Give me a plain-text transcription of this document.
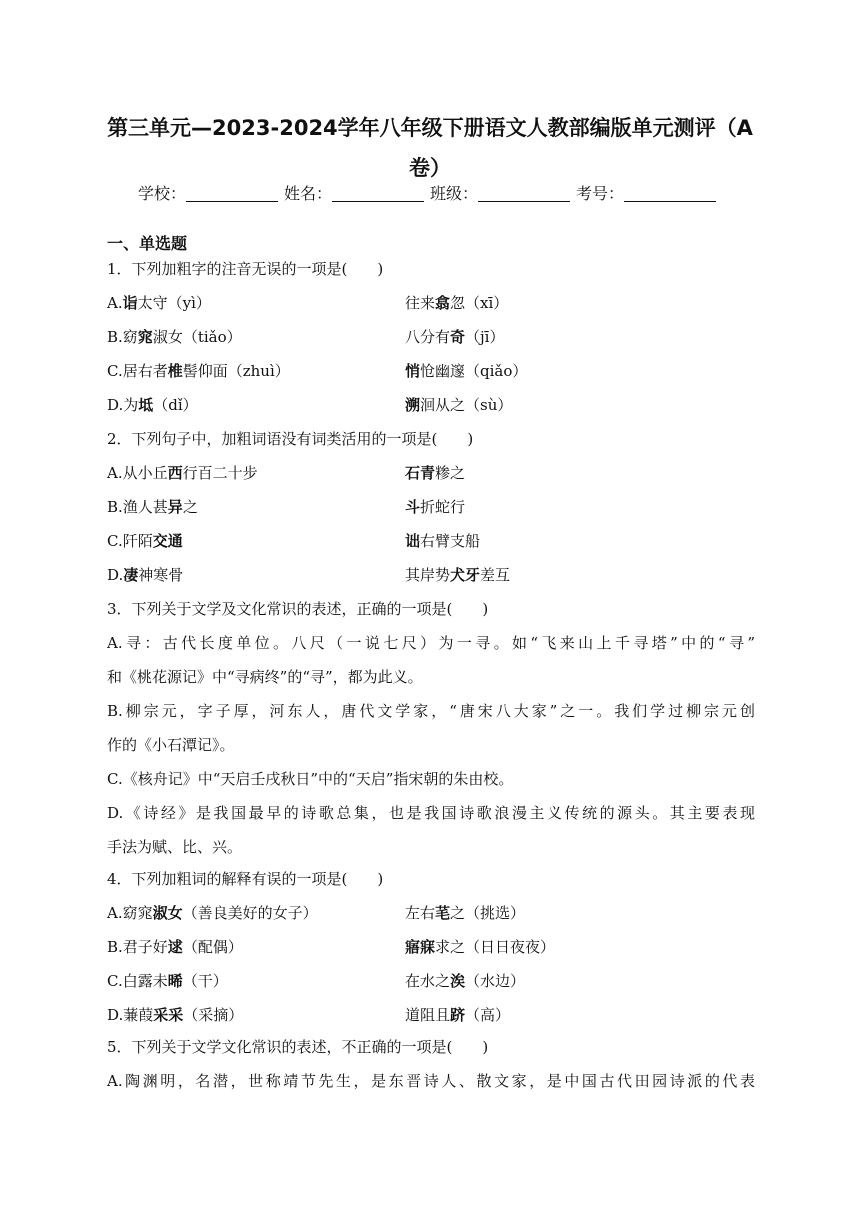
第三单元—2023-2024学年八年级下册语文人教部编版单元测评（A
卷）
学校：	姓名：	班级：	考号：
一、单选题
1．下列加粗字的注音无误的一项是(　　)
A.诣太守（yì）	往来翕忽（xī）
B.窈窕淑女（tiǎo）	八分有奇（jī）
C.居右者椎髻仰面（zhuì）	悄怆幽邃（qiǎo）
D.为坻（dǐ）	溯洄从之（sù）
2．下列句子中，加粗词语没有词类活用的一项是(　　)
A.从小丘西行百二十步	石青糁之
B.渔人甚异之	斗折蛇行
C.阡陌交通	诎右臂支船
D.凄神寒骨	其岸势犬牙差互
3．下列关于文学及文化常识的表述，正确的一项是(　　)
A.寻：古代长度单位。八尺（一说七尺）为一寻。如“飞来山上千寻塔”中的“寻”
和《桃花源记》中“寻病终”的“寻”，都为此义。
B.柳宗元，字子厚，河东人，唐代文学家，“唐宋八大家”之一。我们学过柳宗元创
作的《小石潭记》。
C.《核舟记》中“天启壬戌秋日”中的“天启”指宋朝的朱由校。
D.《诗经》是我国最早的诗歌总集，也是我国诗歌浪漫主义传统的源头。其主要表现
手法为赋、比、兴。
4．下列加粗词的解释有误的一项是(　　)
A.窈窕淑女（善良美好的女子）	左右芼之（挑选）
B.君子好逑（配偶）	寤寐求之（日日夜夜）
C.白露未晞（干）	在水之涘（水边）
D.蒹葭采采（采摘）	道阻且跻（高）
5．下列关于文学文化常识的表述，不正确的一项是(　　)
A.陶渊明，名潜，世称靖节先生，是东晋诗人、散文家，是中国古代田园诗派的代表
